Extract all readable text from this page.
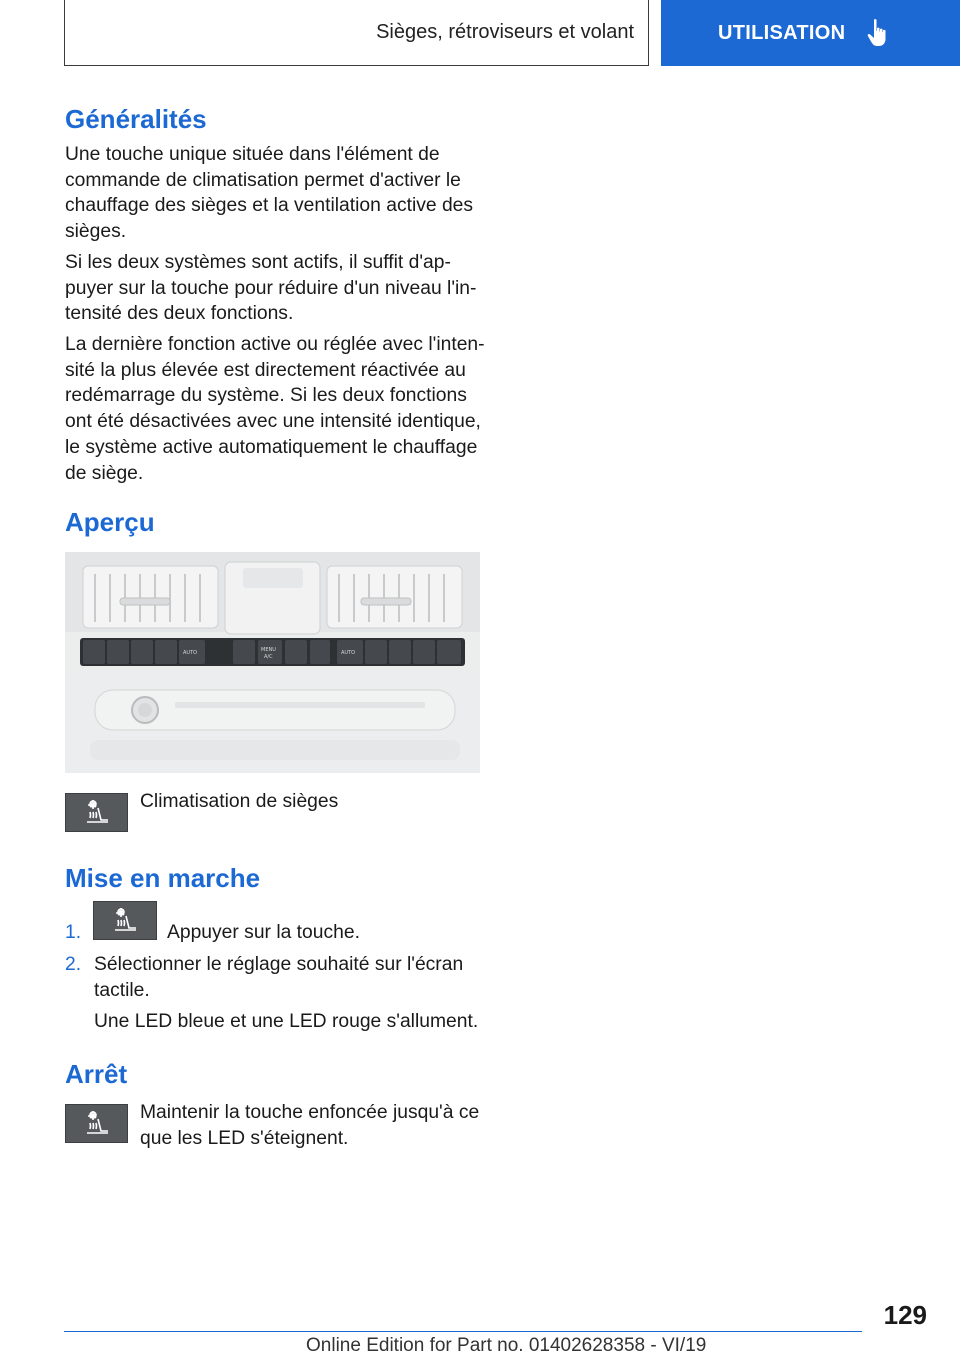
Sièges, rétroviseurs et volant	UTILISATION
Généralités

Une touche unique située dans l'élément de commande de climatisation permet d'activer le chauffage des sièges et la ventilation active des sièges.

Si les deux systèmes sont actifs, il suffit d'ap‐ puyer sur la touche pour réduire d'un niveau l'in‐ tensité des deux fonctions.

La dernière fonction active ou réglée avec l'inten‐ sité la plus élevée est directement réactivée au redémarrage du système. Si les deux fonctions ont été désactivées avec une intensité identique, le système active automatiquement le chauffage de siège.

Aperçu
AUTO	MENU
A/C
AUTO
Climatisation de sièges
Mise en marche
1.	Appuyer sur la touche.
2. Sélectionner le réglage souhaité sur l'écran tactile.

Une LED bleue et une LED rouge s'allument.

Arrêt

Maintenir la touche enfoncée jusqu'à ce que les LED s'éteignent.

129
Online Edition for Part no. 01402628358 - VI/19
